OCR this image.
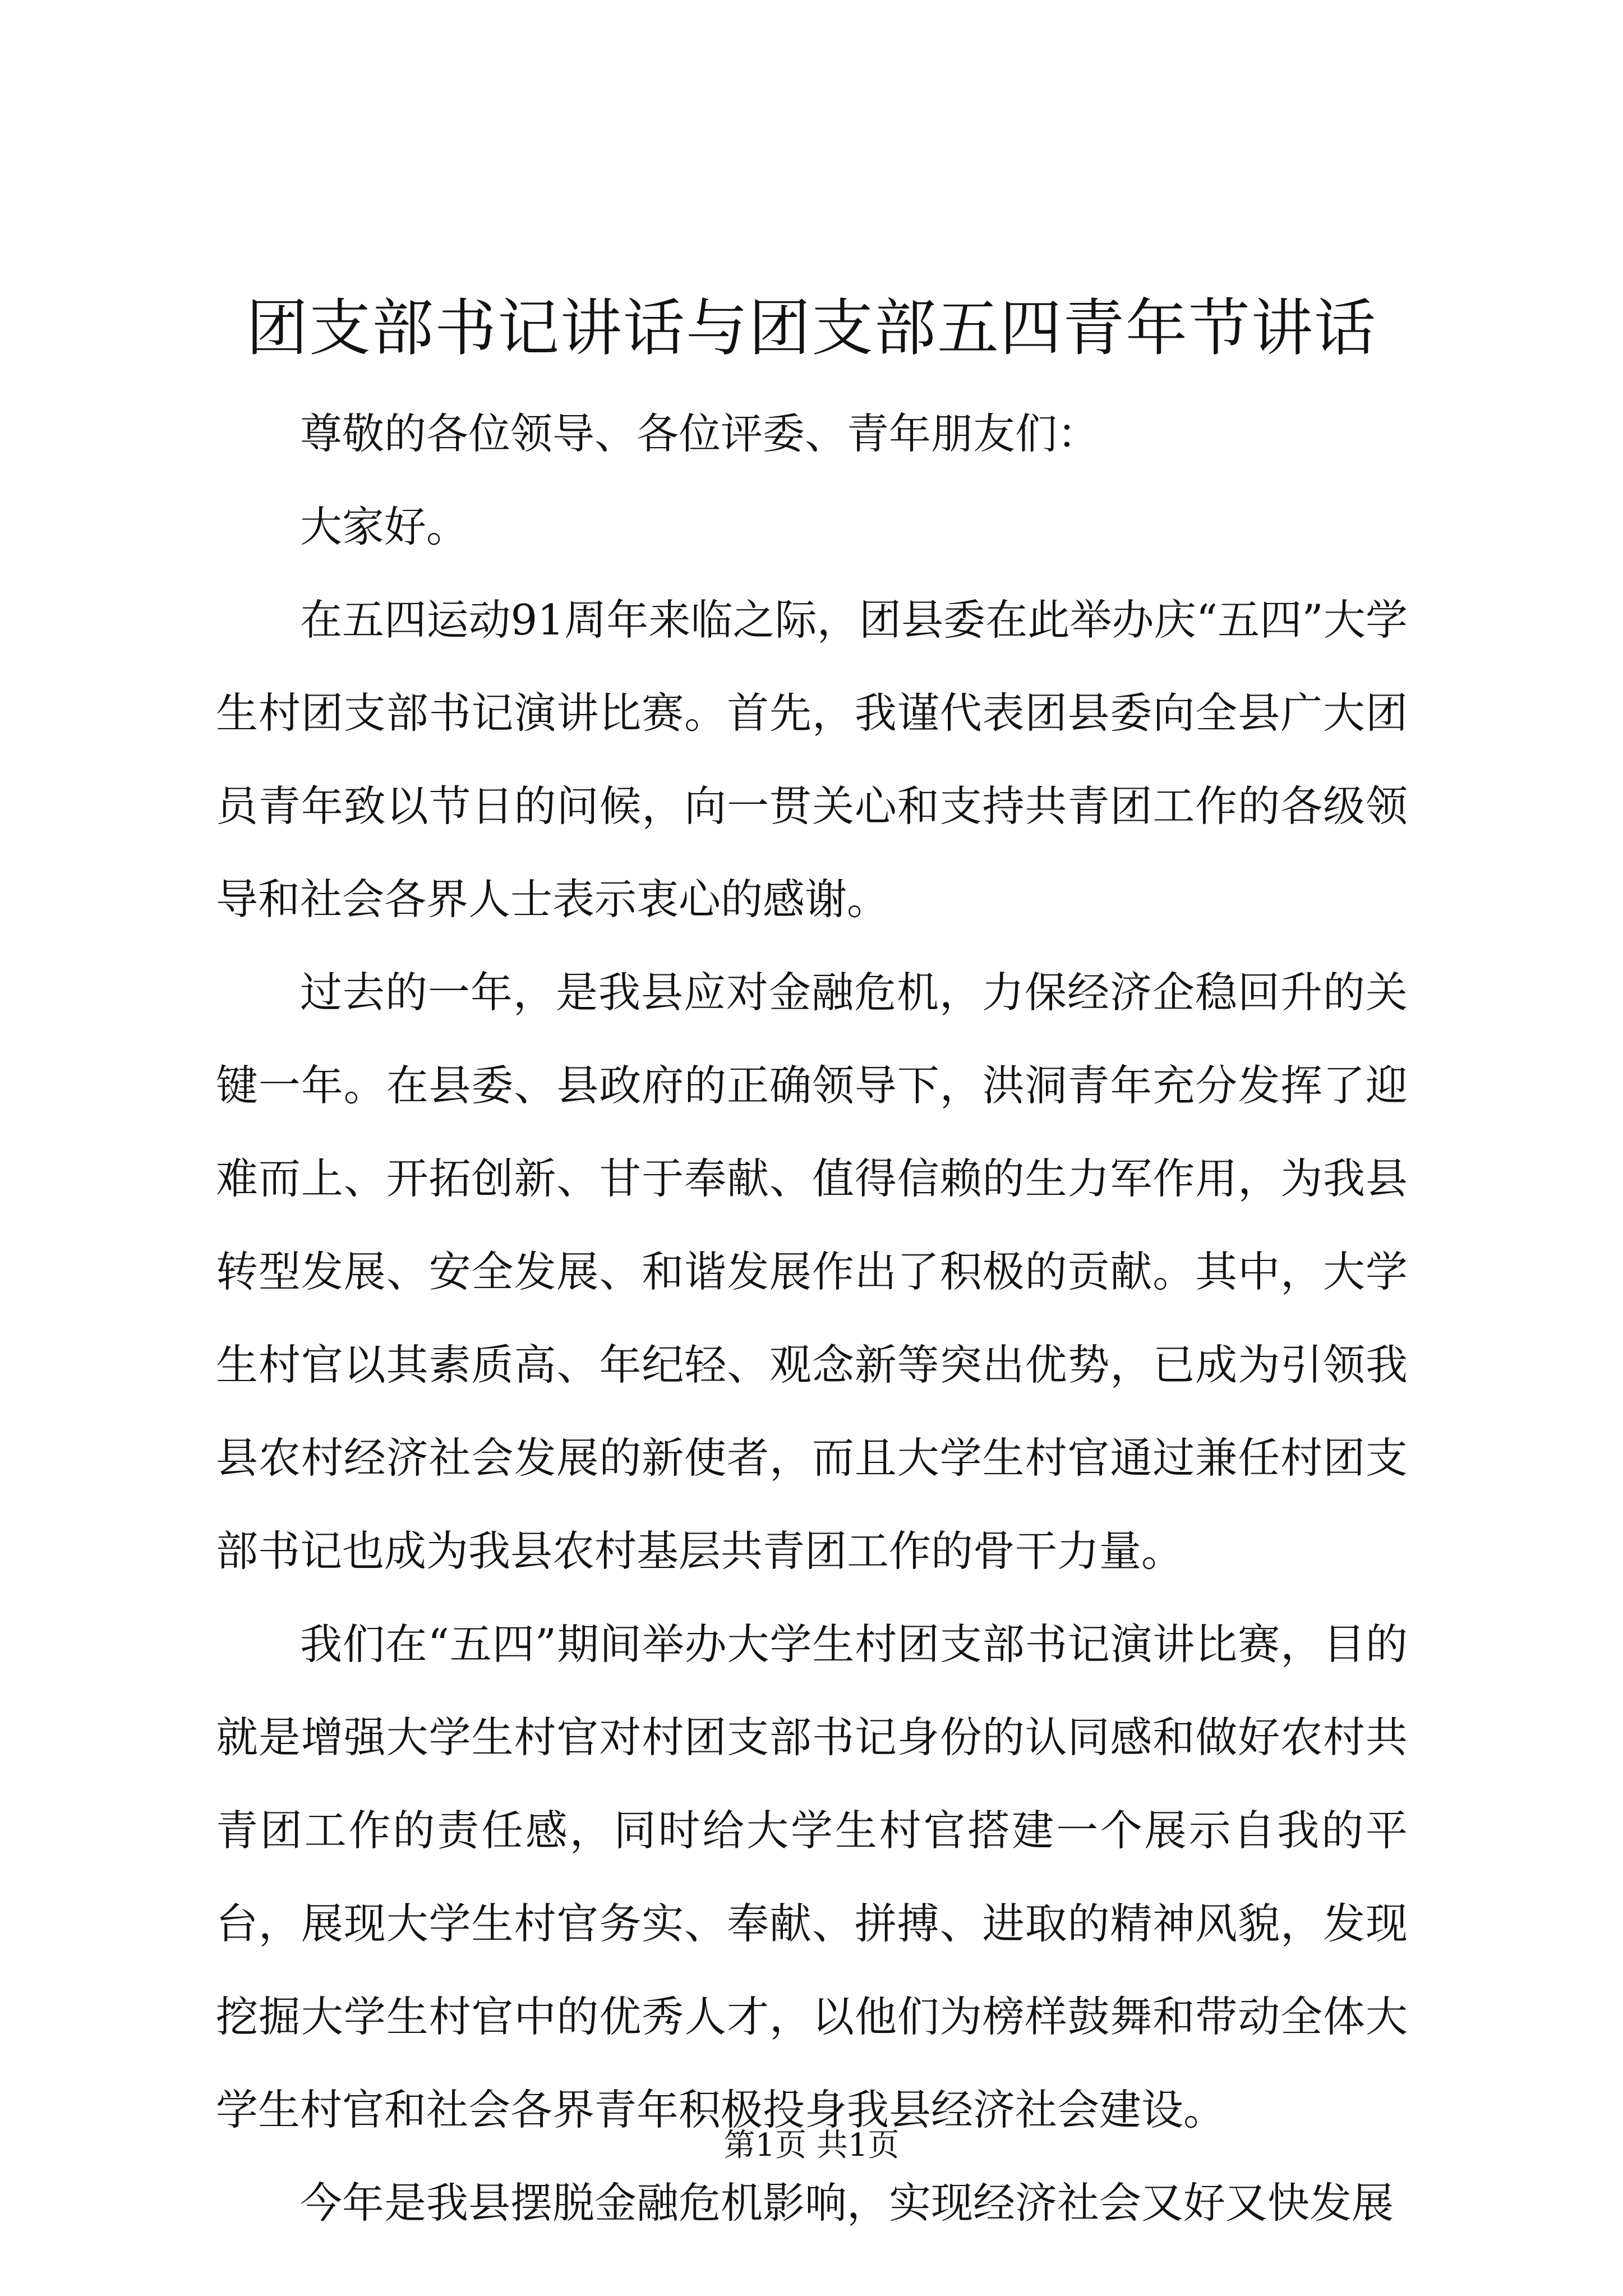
团支部书记讲话与团支部五四青年节讲话

尊敬的各位领导、各位评委、青年朋友们：

大家好。

在五四运动91周年来临之际，团县委在此举办庆“五四”大学生村团支部书记演讲比赛。首先，我谨代表团县委向全县广大团员青年致以节日的问候，向一贯关心和支持共青团工作的各级领导和社会各界人士表示衷心的感谢。

过去的一年，是我县应对金融危机，力保经济企稳回升的关键一年。在县委、县政府的正确领导下，洪洞青年充分发挥了迎难而上、开拓创新、甘于奉献、值得信赖的生力军作用，为我县转型发展、安全发展、和谐发展作出了积极的贡献。其中，大学生村官以其素质高、年纪轻、观念新等突出优势，已成为引领我县农村经济社会发展的新使者，而且大学生村官通过兼任村团支部书记也成为我县农村基层共青团工作的骨干力量。

我们在“五四”期间举办大学生村团支部书记演讲比赛，目的就是增强大学生村官对村团支部书记身份的认同感和做好农村共青团工作的责任感，同时给大学生村官搭建一个展示自我的平台，展现大学生村官务实、奉献、拼搏、进取的精神风貌，发现挖掘大学生村官中的优秀人才，以他们为榜样鼓舞和带动全体大学生村官和社会各界青年积极投身我县经济社会建设。

今年是我县摆脱金融危机影响，实现经济社会又好又快发展

第1页 共1页
